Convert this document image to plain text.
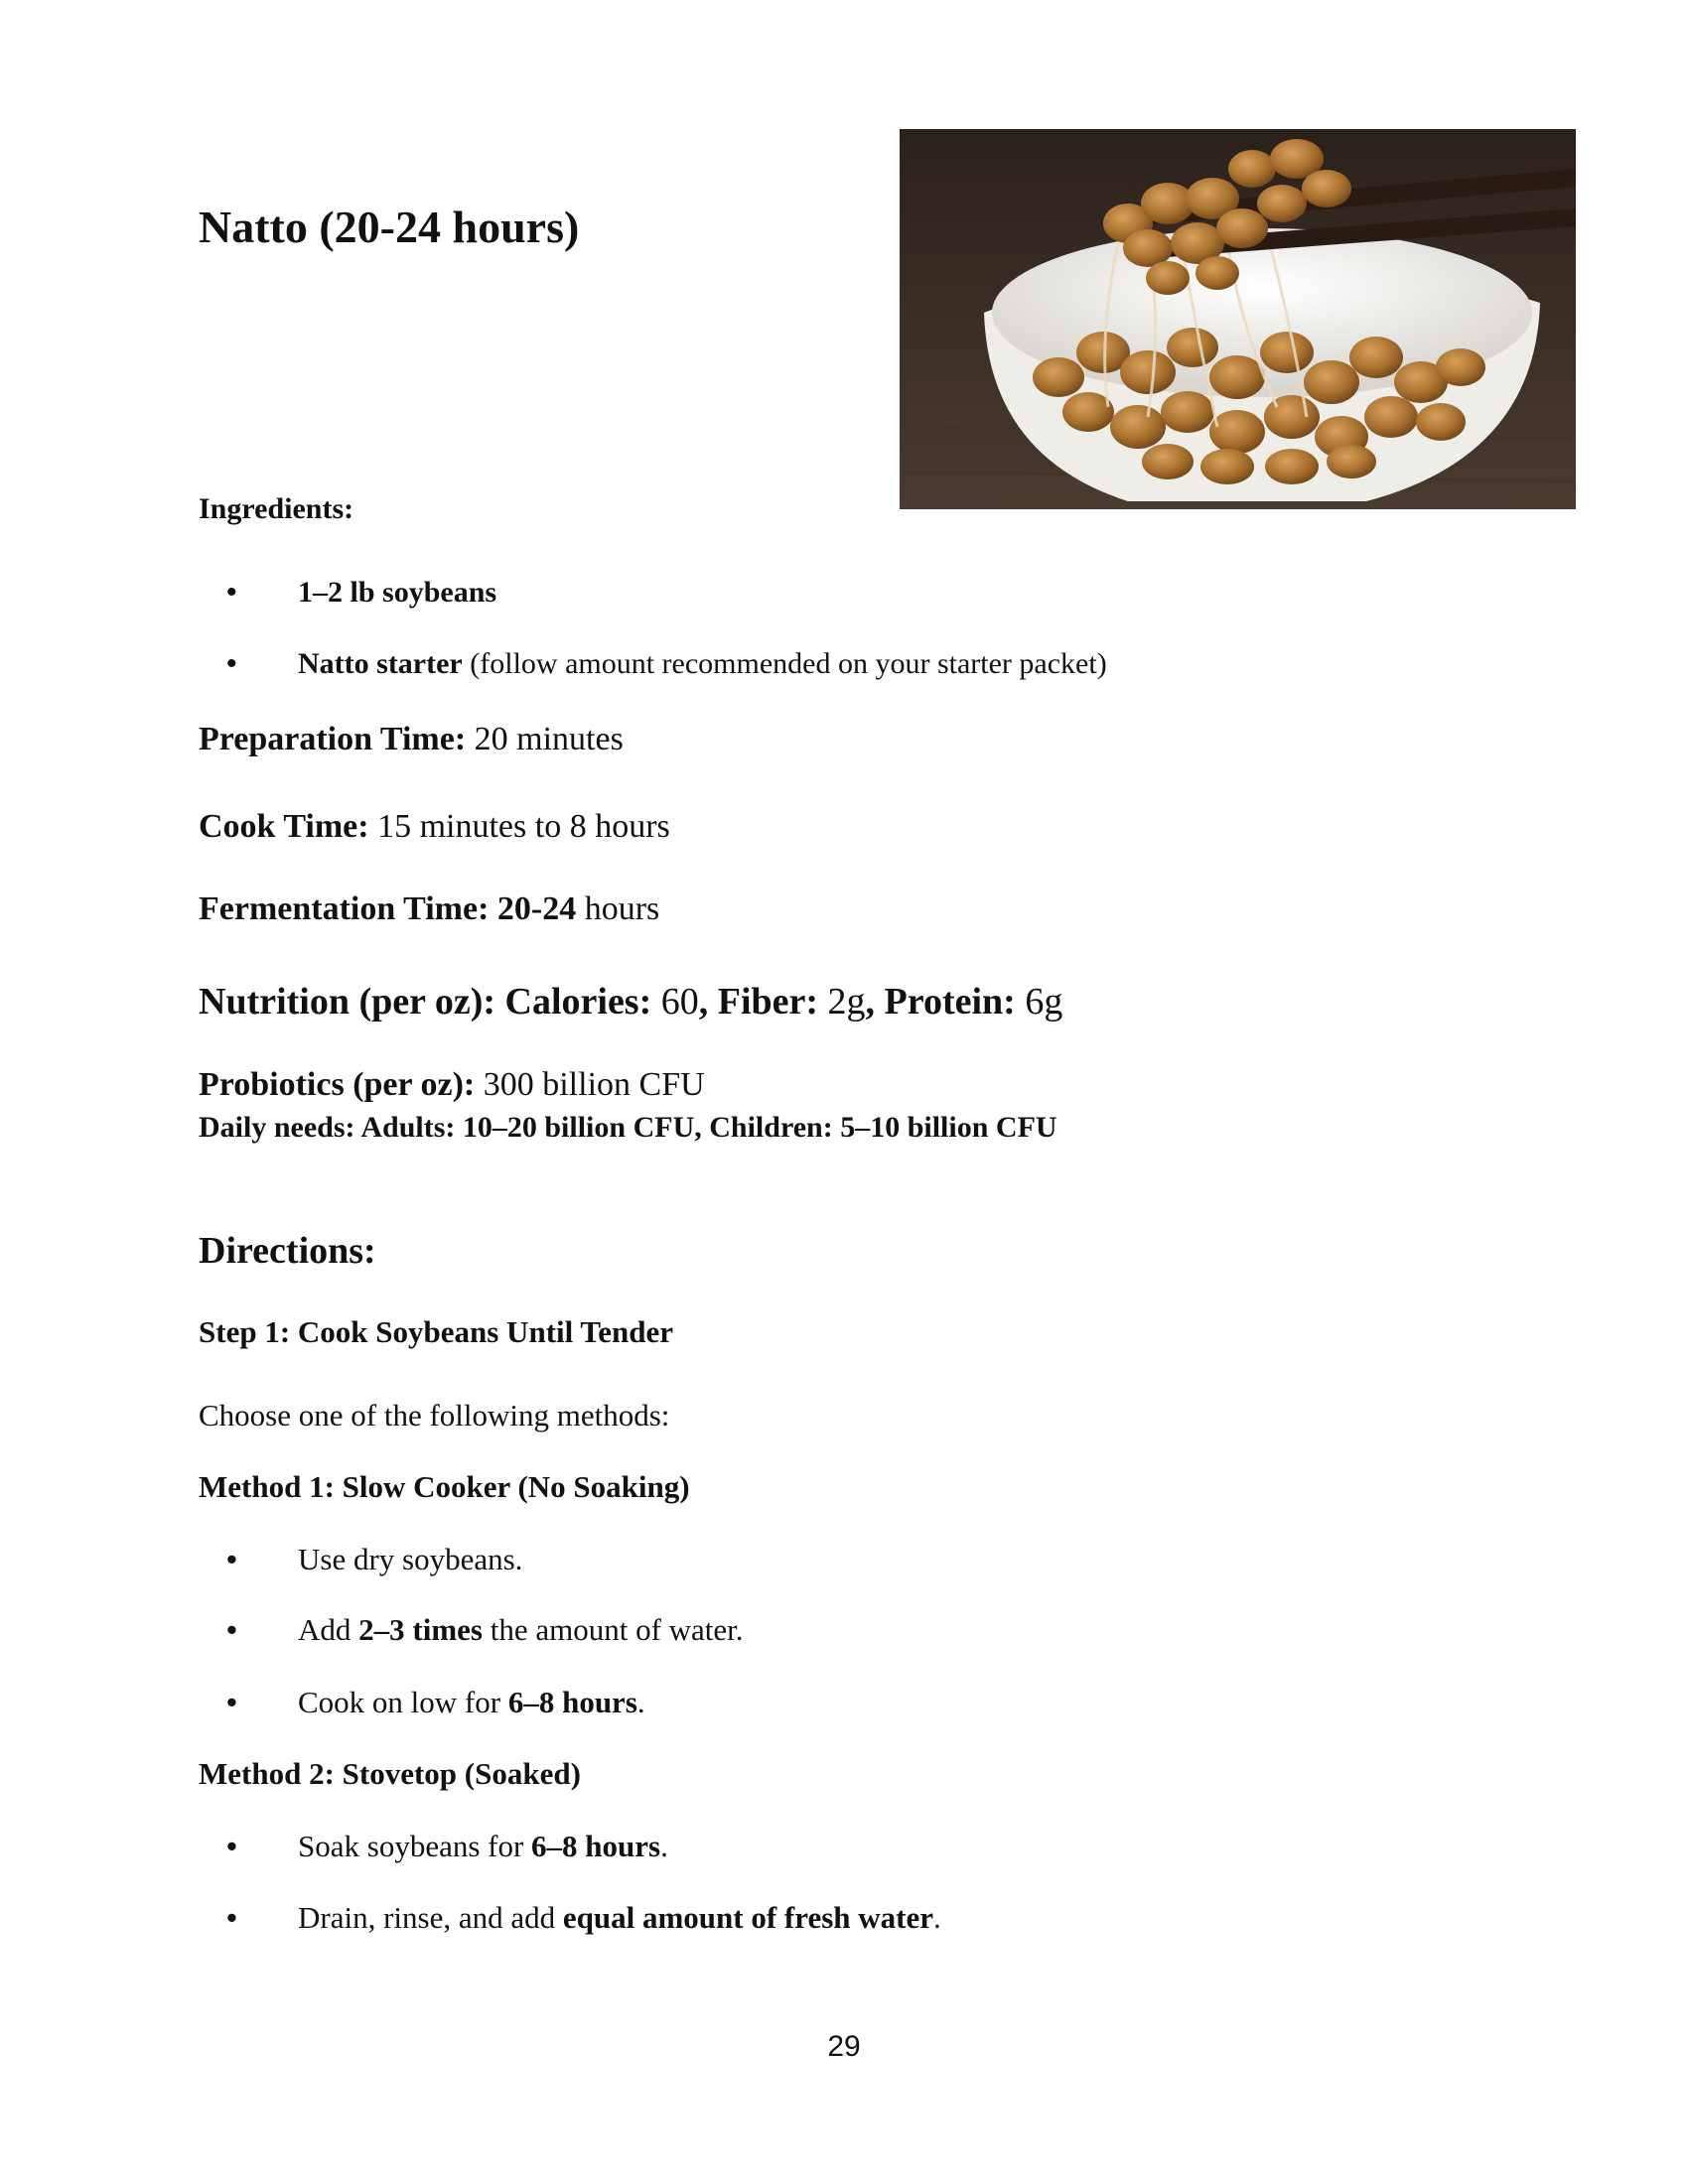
Natto (20-24 hours)
Ingredients:
• 1–2 lb soybeans
• Natto starter (follow amount recommended on your starter packet)
Preparation Time: 20 minutes
Cook Time: 15 minutes to 8 hours
Fermentation Time: 20-24 hours
Nutrition (per oz): Calories: 60, Fiber: 2g, Protein: 6g
Probiotics (per oz): 300 billion CFU
Daily needs: Adults: 10–20 billion CFU, Children: 5–10 billion CFU
Directions:
Step 1: Cook Soybeans Until Tender
Choose one of the following methods:
Method 1: Slow Cooker (No Soaking)
• Use dry soybeans.
• Add 2–3 times the amount of water.
• Cook on low for 6–8 hours.
Method 2: Stovetop (Soaked)
• Soak soybeans for 6–8 hours.
• Drain, rinse, and add equal amount of fresh water.
29
